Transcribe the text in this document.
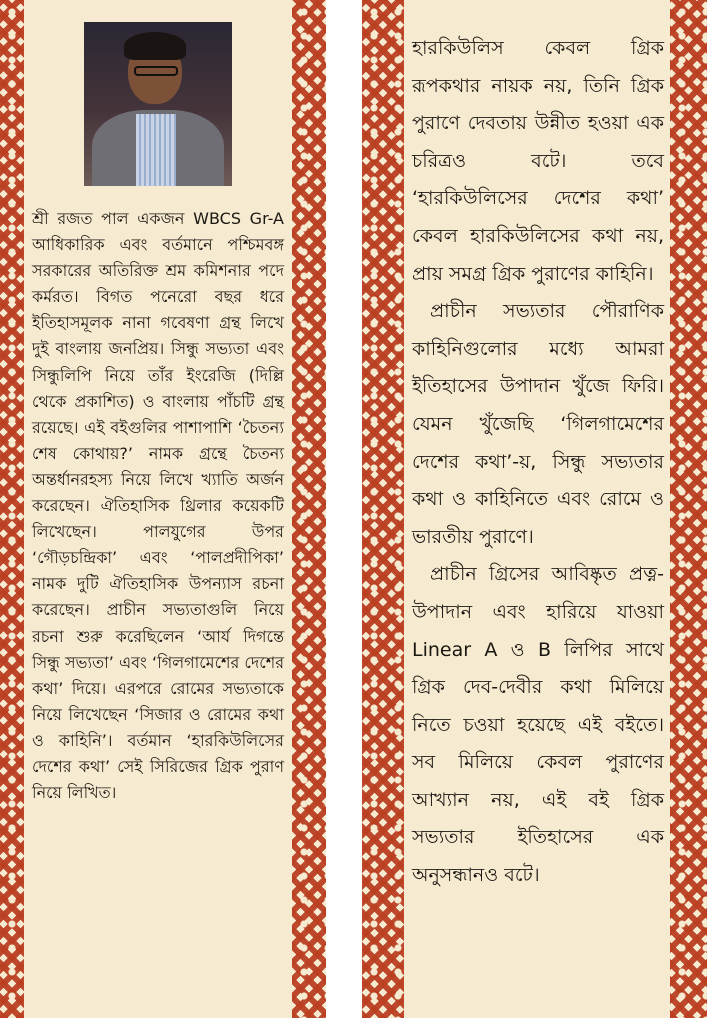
শ্রী রজত পাল একজন WBCS Gr-A আধিকারিক এবং বর্তমানে পশ্চিমবঙ্গ সরকারের অতিরিক্ত শ্রম কমিশনার পদে কর্মরত। বিগত পনেরো বছর ধরে ইতিহাসমূলক নানা গবেষণা গ্রন্থ লিখে দুই বাংলায় জনপ্রিয়। সিন্ধু সভ্যতা এবং সিন্ধুলিপি নিয়ে তাঁর ইংরেজি (দিল্লি থেকে প্রকাশিত) ও বাংলায় পাঁচটি গ্রন্থ রয়েছে। এই বইগুলির পাশাপাশি ‘চৈতন্য শেষ কোথায়?’ নামক গ্রন্থে চৈতন্য অন্তর্ধানরহস্য নিয়ে লিখে খ্যাতি অর্জন করেছেন। ঐতিহাসিক থ্রিলার কয়েকটি লিখেছেন। পালযুগের উপর ‘গৌড়চন্দ্রিকা’ এবং ‘পালপ্রদীপিকা’ নামক দুটি ঐতিহাসিক উপন্যাস রচনা করেছেন। প্রাচীন সভ্যতাগুলি নিয়ে রচনা শুরু করেছিলেন ‘আর্য দিগন্তে সিন্ধু সভ্যতা’ এবং ‘গিলগামেশের দেশের কথা’ দিয়ে। এরপরে রোমের সভ্যতাকে নিয়ে লিখেছেন ‘সিজার ও রোমের কথা ও কাহিনি’। বর্তমান ‘হারকিউলিসের দেশের কথা’ সেই সিরিজের গ্রিক পুরাণ নিয়ে লিখিত।

হারকিউলিস কেবল গ্রিক রূপকথার নায়ক নয়, তিনি গ্রিক পুরাণে দেবতায় উন্নীত হওয়া এক চরিত্রও বটে। তবে ‘হারকিউলিসের দেশের কথা’ কেবল হারকিউলিসের কথা নয়, প্রায় সমগ্র গ্রিক পুরাণের কাহিনি।

প্রাচীন সভ্যতার পৌরাণিক কাহিনিগুলোর মধ্যে আমরা ইতিহাসের উপাদান খুঁজে ফিরি। যেমন খুঁজেছি ‘গিলগামেশের দেশের কথা’-য়, সিন্ধু সভ্যতার কথা ও কাহিনিতে এবং রোমে ও ভারতীয় পুরাণে।

প্রাচীন গ্রিসের আবিষ্কৃত প্রত্ন-উপাদান এবং হারিয়ে যাওয়া Linear A ও B লিপির সাথে গ্রিক দেব-দেবীর কথা মিলিয়ে নিতে চওয়া হয়েছে এই বইতে। সব মিলিয়ে কেবল পুরাণের আখ্যান নয়, এই বই গ্রিক সভ্যতার ইতিহাসের এক অনুসন্ধানও বটে।
